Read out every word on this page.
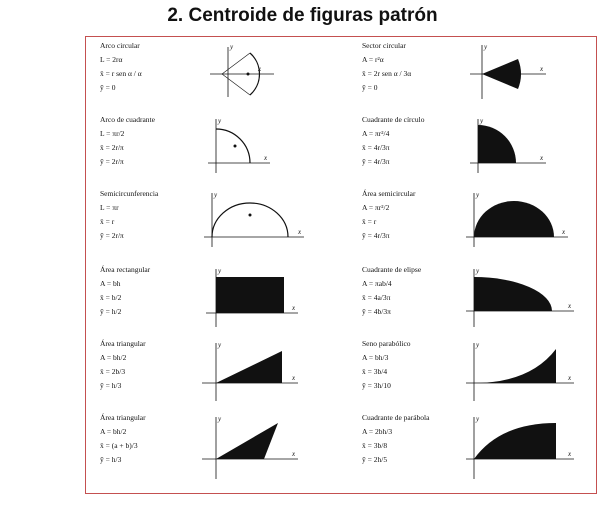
2. Centroide de figuras patrón
Arco circular
L = 2rα
x̄ = r sen α / α
ȳ = 0
x
y	Sector circular
A = r²α
x̄ = 2r sen α / 3α
ȳ = 0
x
y
Arco de cuadrante
L = πr/2
x̄ = 2r/π
ȳ = 2r/π	x
y	Cuadrante de círculo
A = πr²/4
x̄ = 4r/3π
ȳ = 4r/3π	x
y
Semicircunferencia
L = πr
x̄ = r
ȳ = 2r/π	x
y	Área semicircular
A = πr²/2
x̄ = r
ȳ = 4r/3π	x
y
Área rectangular
A = bh
x̄ = b/2
ȳ = h/2	x
y	Cuadrante de elipse
A = πab/4
x̄ = 4a/3π
ȳ = 4b/3π
x
y
Área triangular
A = bh/2
x̄ = 2b/3
ȳ = h/3
x
y	Seno parabólico
A = bh/3
x̄ = 3b/4
ȳ = 3h/10
x
y
Área triangular
A = bh/2
x̄ = (a + b)/3
ȳ = h/3
x
y	Cuadrante de parábola
A = 2bh/3
x̄ = 3b/8
ȳ = 2h/5
x
y
